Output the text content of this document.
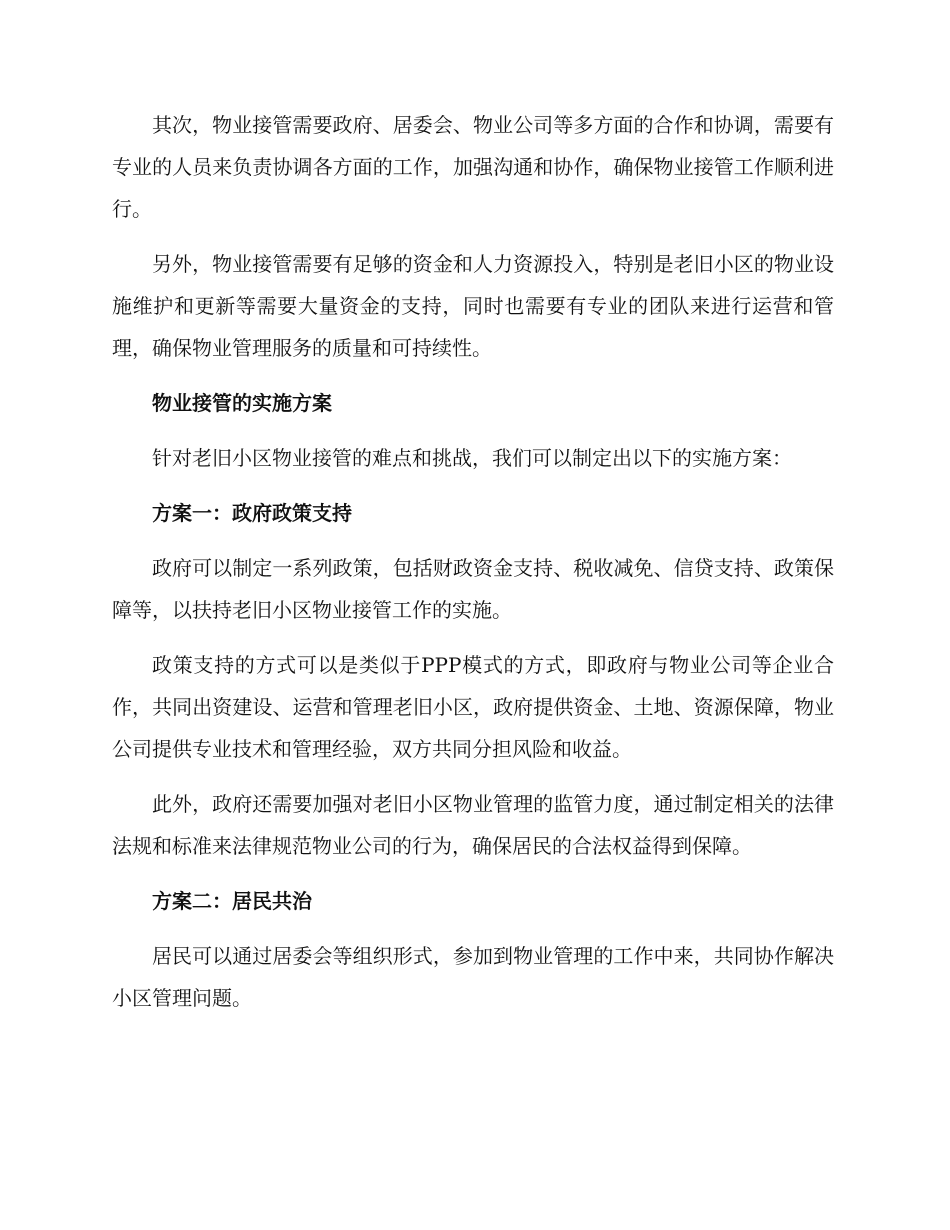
其次，物业接管需要政府、居委会、物业公司等多方面的合作和协调，需要有专业的人员来负责协调各方面的工作，加强沟通和协作，确保物业接管工作顺利进行。

另外，物业接管需要有足够的资金和人力资源投入，特别是老旧小区的物业设施维护和更新等需要大量资金的支持，同时也需要有专业的团队来进行运营和管理，确保物业管理服务的质量和可持续性。

物业接管的实施方案

针对老旧小区物业接管的难点和挑战，我们可以制定出以下的实施方案：

方案一：政府政策支持

政府可以制定一系列政策，包括财政资金支持、税收减免、信贷支持、政策保障等，以扶持老旧小区物业接管工作的实施。

政策支持的方式可以是类似于PPP模式的方式，即政府与物业公司等企业合作，共同出资建设、运营和管理老旧小区，政府提供资金、土地、资源保障，物业公司提供专业技术和管理经验，双方共同分担风险和收益。

此外，政府还需要加强对老旧小区物业管理的监管力度，通过制定相关的法律法规和标准来法律规范物业公司的行为，确保居民的合法权益得到保障。

方案二：居民共治

居民可以通过居委会等组织形式，参加到物业管理的工作中来，共同协作解决小区管理问题。
